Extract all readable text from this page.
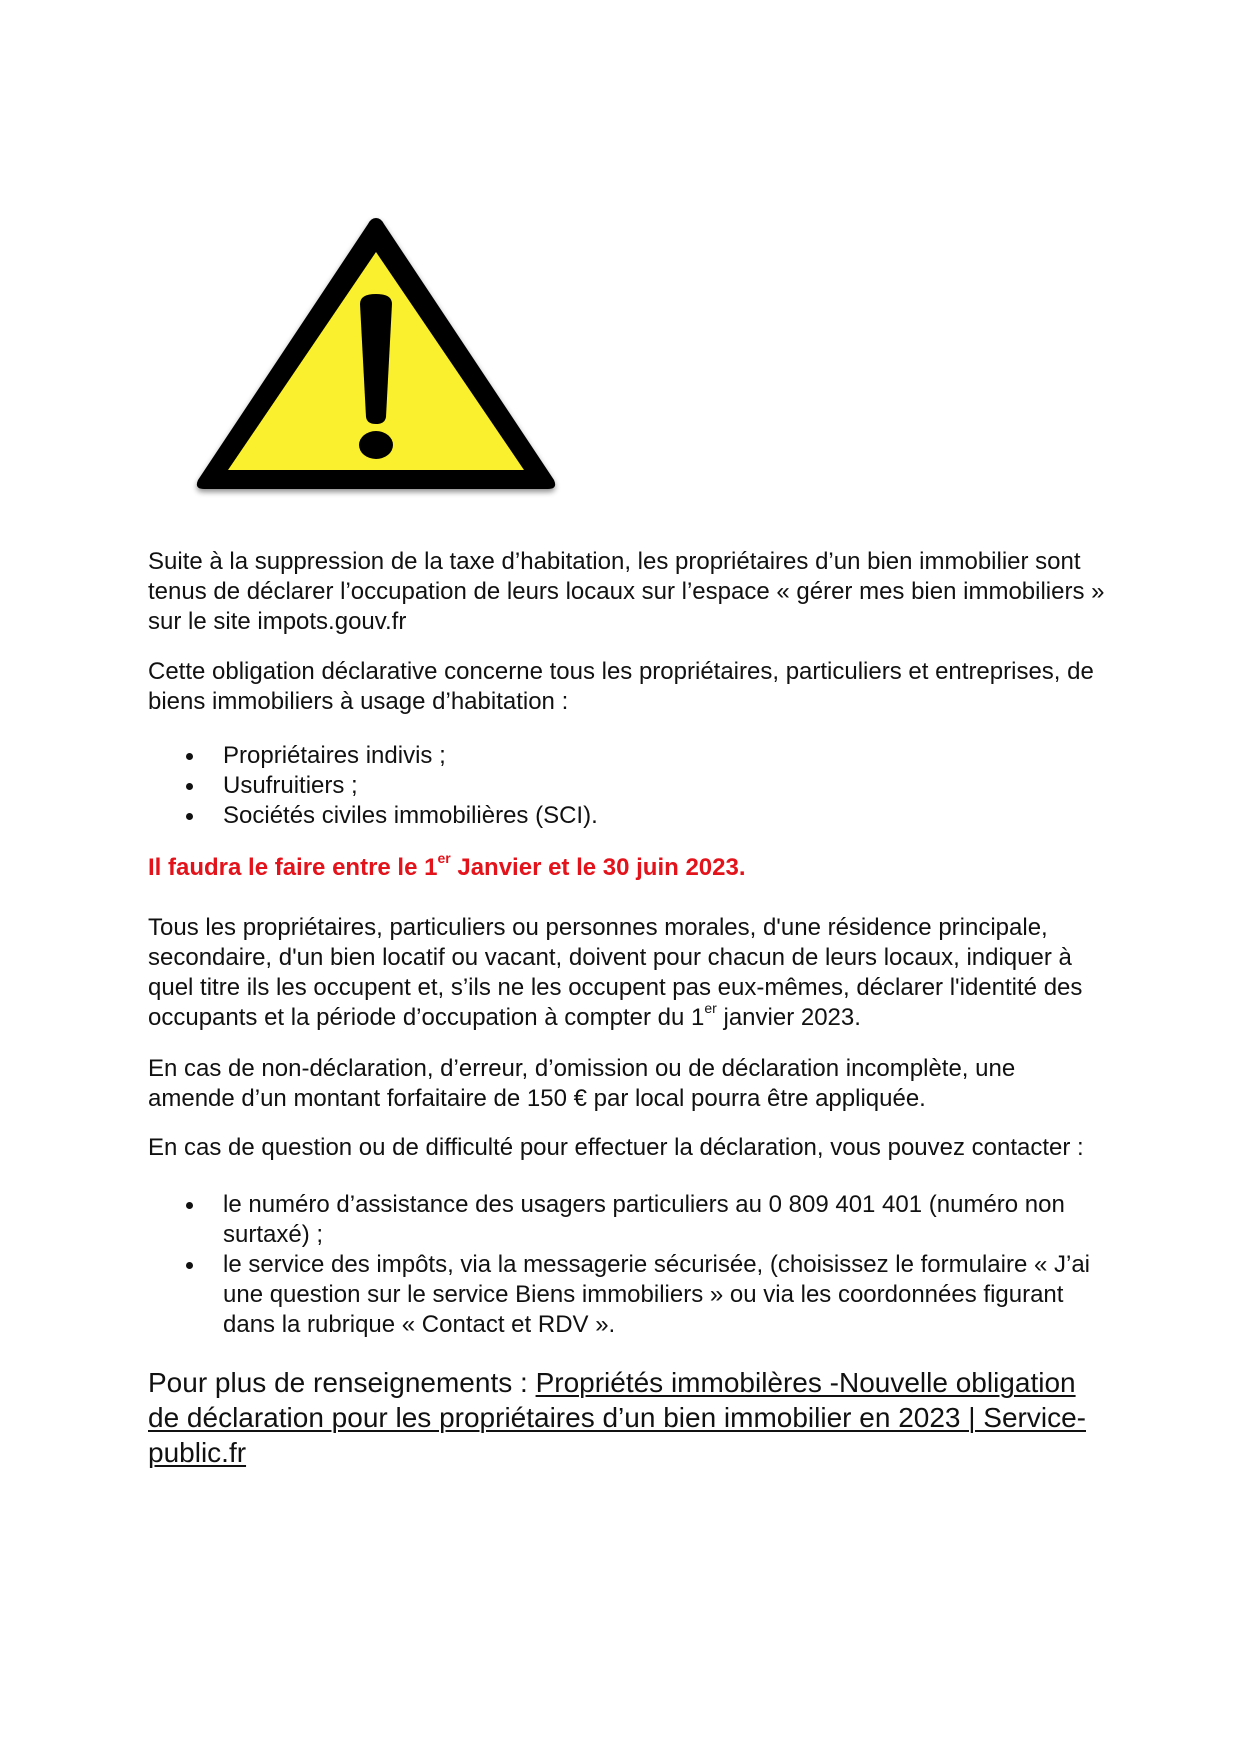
Suite à la suppression de la taxe d’habitation, les propriétaires d’un bien immobilier sont tenus de déclarer l’occupation de leurs locaux sur l’espace « gérer mes bien immobiliers » sur le site impots.gouv.fr

Cette obligation déclarative concerne tous les propriétaires, particuliers et entreprises, de biens immobiliers à usage d’habitation :

Propriétaires indivis ;
Usufruitiers ;
Sociétés civiles immobilières (SCI).

Il faudra le faire entre le 1er Janvier et le 30 juin 2023.

Tous les propriétaires, particuliers ou personnes morales, d'une résidence principale, secondaire, d'un bien locatif ou vacant, doivent pour chacun de leurs locaux, indiquer à quel titre ils les occupent et, s’ils ne les occupent pas eux-mêmes, déclarer l'identité des occupants et la période d’occupation à compter du 1er janvier 2023.

En cas de non-déclaration, d’erreur, d’omission ou de déclaration incomplète, une amende d’un montant forfaitaire de 150 € par local pourra être appliquée.

En cas de question ou de difficulté pour effectuer la déclaration, vous pouvez contacter :

le numéro d’assistance des usagers particuliers au 0 809 401 401 (numéro non surtaxé) ;
le service des impôts, via la messagerie sécurisée, (choisissez le formulaire « J’ai une question sur le service Biens immobiliers » ou via les coordonnées figurant dans la rubrique « Contact et RDV ».

Pour plus de renseignements : Propriétés immobilères -Nouvelle obligation de déclaration pour les propriétaires d’un bien immobilier en 2023 | Service-public.fr
